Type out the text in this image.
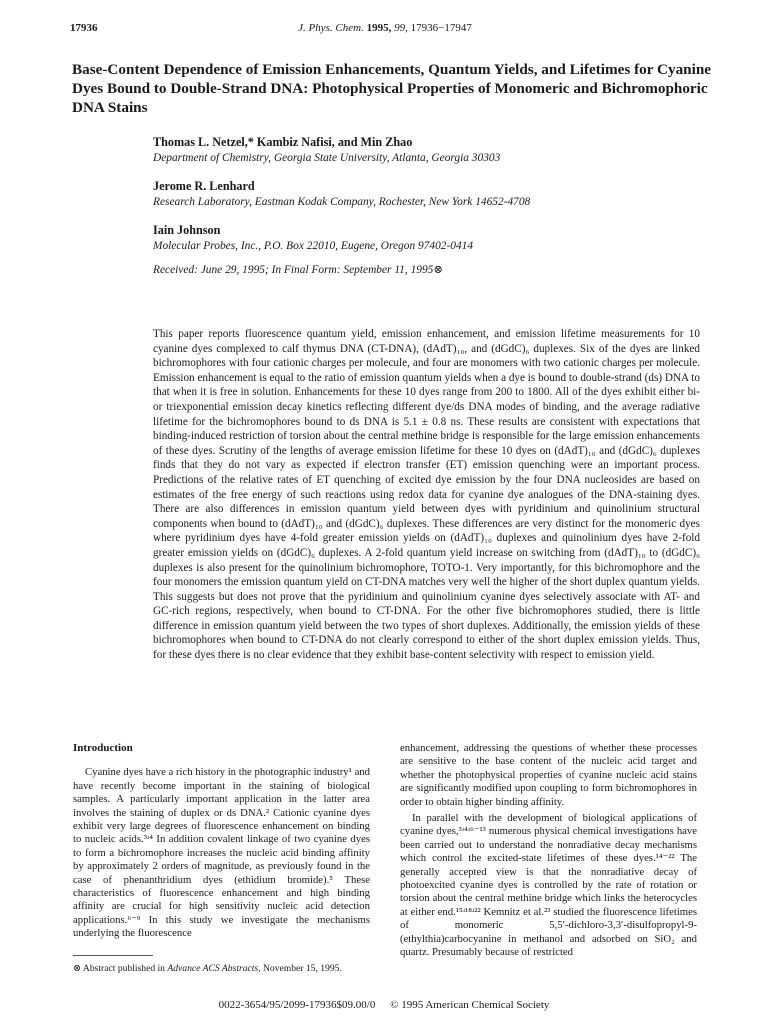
17936	J. Phys. Chem. 1995, 99, 17936−17947
Base-Content Dependence of Emission Enhancements, Quantum Yields, and Lifetimes for Cyanine Dyes Bound to Double-Strand DNA: Photophysical Properties of Monomeric and Bichromophoric DNA Stains
Thomas L. Netzel,* Kambiz Nafisi, and Min Zhao
Department of Chemistry, Georgia State University, Atlanta, Georgia 30303
Jerome R. Lenhard
Research Laboratory, Eastman Kodak Company, Rochester, New York 14652-4708
Iain Johnson
Molecular Probes, Inc., P.O. Box 22010, Eugene, Oregon 97402-0414
Received: June 29, 1995; In Final Form: September 11, 1995⊗

This paper reports fluorescence quantum yield, emission enhancement, and emission lifetime measurements for 10 cyanine dyes complexed to calf thymus DNA (CT-DNA), (dAdT)₁₀, and (dGdC)₆ duplexes. Six of the dyes are linked bichromophores with four cationic charges per molecule, and four are monomers with two cationic charges per molecule. Emission enhancement is equal to the ratio of emission quantum yields when a dye is bound to double-strand (ds) DNA to that when it is free in solution. Enhancements for these 10 dyes range from 200 to 1800. All of the dyes exhibit either bi- or triexponential emission decay kinetics reflecting different dye/ds DNA modes of binding, and the average radiative lifetime for the bichromophores bound to ds DNA is 5.1 ± 0.8 ns. These results are consistent with expectations that binding-induced restriction of torsion about the central methine bridge is responsible for the large emission enhancements of these dyes. Scrutiny of the lengths of average emission lifetime for these 10 dyes on (dAdT)₁₀ and (dGdC)₆ duplexes finds that they do not vary as expected if electron transfer (ET) emission quenching were an important process. Predictions of the relative rates of ET quenching of excited dye emission by the four DNA nucleosides are based on estimates of the free energy of such reactions using redox data for cyanine dye analogues of the DNA-staining dyes. There are also differences in emission quantum yield between dyes with pyridinium and quinolinium structural components when bound to (dAdT)₁₀ and (dGdC)₆ duplexes. These differences are very distinct for the monomeric dyes where pyridinium dyes have 4-fold greater emission yields on (dAdT)₁₀ duplexes and quinolinium dyes have 2-fold greater emission yields on (dGdC)₆ duplexes. A 2-fold quantum yield increase on switching from (dAdT)₁₀ to (dGdC)₆ duplexes is also present for the quinolinium bichromophore, TOTO-1. Very importantly, for this bichromophore and the four monomers the emission quantum yield on CT-DNA matches very well the higher of the short duplex quantum yields. This suggests but does not prove that the pyridinium and quinolinium cyanine dyes selectively associate with AT- and GC-rich regions, respectively, when bound to CT-DNA. For the other five bichromophores studied, there is little difference in emission quantum yield between the two types of short duplexes. Additionally, the emission yields of these bichromophores when bound to CT-DNA do not clearly correspond to either of the short duplex emission yields. Thus, for these dyes there is no clear evidence that they exhibit base-content selectivity with respect to emission yield.

Introduction

Cyanine dyes have a rich history in the photographic industry¹ and have recently become important in the staining of biological samples. A particularly important application in the latter area involves the staining of duplex or ds DNA.² Cationic cyanine dyes exhibit very large degrees of fluorescence enhancement on binding to nucleic acids.³ʴ⁴ In addition covalent linkage of two cyanine dyes to form a bichromophore increases the nucleic acid binding affinity by approximately 2 orders of magnitude, as previously found in the case of phenanthridium dyes (ethidium bromide).⁵ These characteristics of fluorescence enhancement and high binding affinity are crucial for high sensitivity nucleic acid detection applications.⁶⁻⁹ In this study we investigate the mechanisms underlying the fluorescence

enhancement, addressing the questions of whether these processes are sensitive to the base content of the nucleic acid target and whether the photophysical properties of cyanine nucleic acid stains are significantly modified upon coupling to form bichromophores in order to obtain higher binding affinity.

In parallel with the development of biological applications of cyanine dyes,³ʴ⁴ʴ⁶⁻¹³ numerous physical chemical investigations have been carried out to understand the nonradiative decay mechanisms which control the excited-state lifetimes of these dyes.¹⁴⁻²² The generally accepted view is that the nonradiative decay of photoexcited cyanine dyes is controlled by the rate of rotation or torsion about the central methine bridge which links the heterocycles at either end.¹⁵ʴ¹⁸ʴ²² Kemnitz et al.²³ studied the fluorescence lifetimes of monomeric 5,5′-dichloro-3,3′-disulfopropyl-9-(ethylthia)carbocyanine in methanol and adsorbed on SiO₂ and quartz. Presumably because of restricted

⊗ Abstract published in Advance ACS Abstracts, November 15, 1995.
0022-3654/95/2099-17936$09.00/0 © 1995 American Chemical Society
